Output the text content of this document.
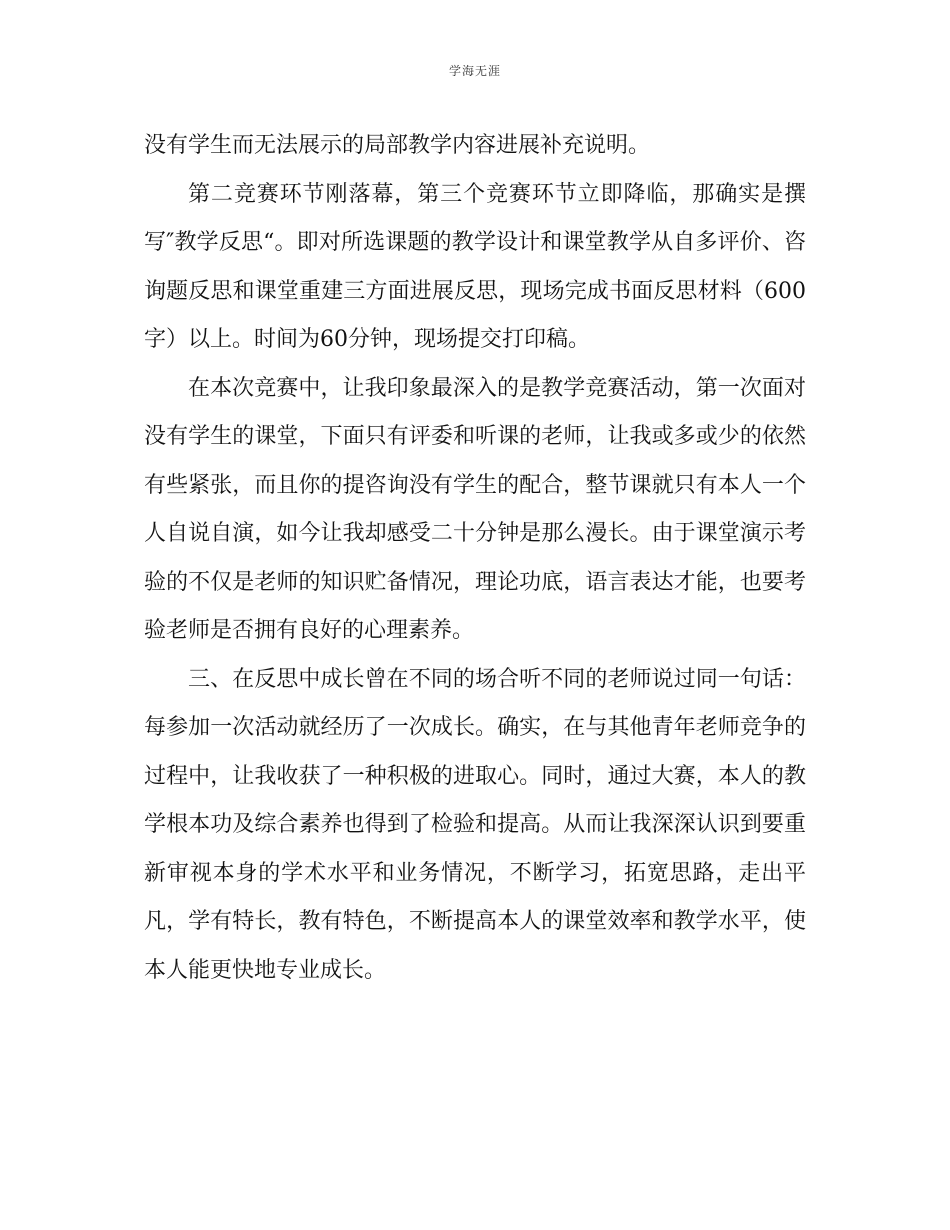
学海无涯

没有学生而无法展示的局部教学内容进展补充说明。

第二竞赛环节刚落幕，第三个竞赛环节立即降临，那确实是撰写″教学反思“。即对所选课题的教学设计和课堂教学从自多评价、咨询题反思和课堂重建三方面进展反思，现场完成书面反思材料（600字）以上。时间为60分钟，现场提交打印稿。

在本次竞赛中，让我印象最深入的是教学竞赛活动，第一次面对没有学生的课堂，下面只有评委和听课的老师，让我或多或少的依然有些紧张，而且你的提咨询没有学生的配合，整节课就只有本人一个人自说自演，如今让我却感受二十分钟是那么漫长。由于课堂演示考验的不仅是老师的知识贮备情况，理论功底，语言表达才能，也要考验老师是否拥有良好的心理素养。

三、在反思中成长曾在不同的场合听不同的老师说过同一句话：每参加一次活动就经历了一次成长。确实，在与其他青年老师竞争的过程中，让我收获了一种积极的进取心。同时，通过大赛，本人的教学根本功及综合素养也得到了检验和提高。从而让我深深认识到要重新审视本身的学术水平和业务情况，不断学习，拓宽思路，走出平凡，学有特长，教有特色，不断提高本人的课堂效率和教学水平，使本人能更快地专业成长。
